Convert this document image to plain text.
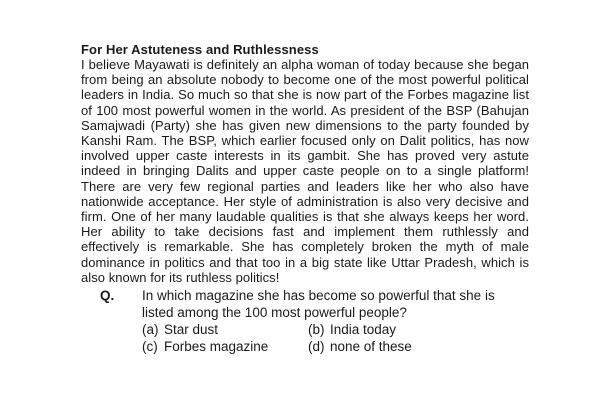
For Her Astuteness and Ruthlessness

I believe Mayawati is definitely an alpha woman of today because she began from being an absolute nobody to become one of the most powerful political leaders in India. So much so that she is now part of the Forbes magazine list of 100 most powerful women in the world. As president of the BSP (Bahujan Samajwadi (Party) she has given new dimensions to the party founded by Kanshi Ram. The BSP, which earlier focused only on Dalit politics, has now involved upper caste interests in its gambit. She has proved very astute indeed in bringing Dalits and upper caste people on to a single platform! There are very few regional parties and leaders like her who also have nationwide acceptance. Her style of administration is also very decisive and firm. One of her many laudable qualities is that she always keeps her word. Her ability to take decisions fast and implement them ruthlessly and effectively is remarkable. She has completely broken the myth of male dominance in politics and that too in a big state like Uttar Pradesh, which is also known for its ruthless politics!

Q. In which magazine she has become so powerful that she is listed among the 100 most powerful people?
(a) Star dust	(b) India today
(c) Forbes magazine	(d) none of these
